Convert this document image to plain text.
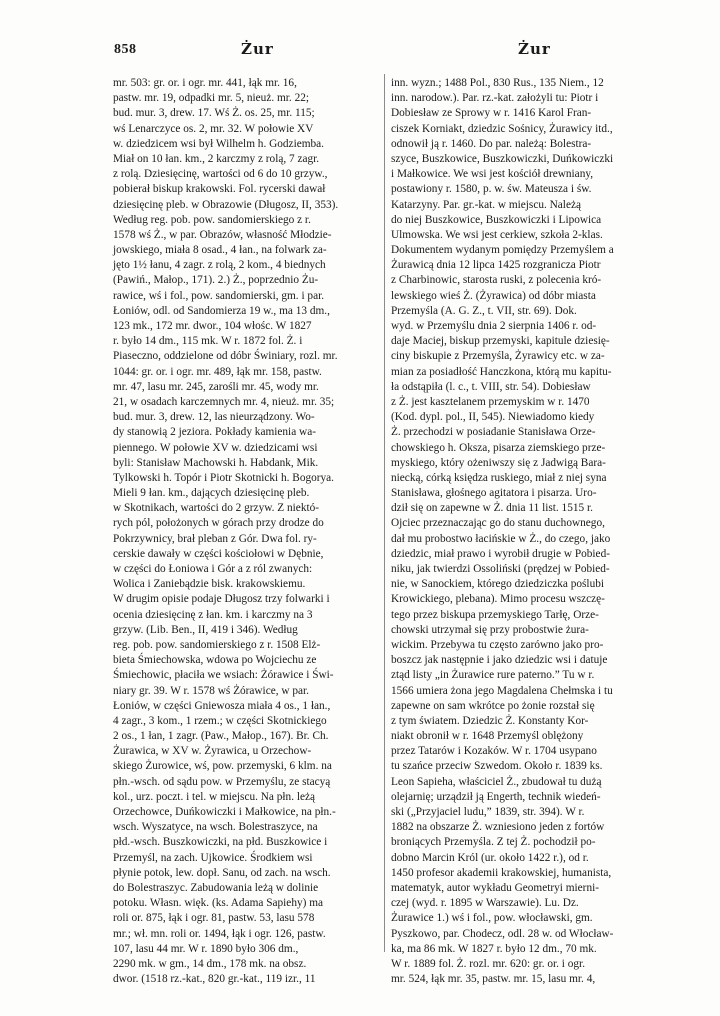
858	Żur	Żur
mr. 503: gr. or. i ogr. mr. 441, łąk mr. 16,
pastw. mr. 19, odpadki mr. 5, nieuż. mr. 22;
bud. mur. 3, drew. 17. Wś Ż. os. 25, mr. 115;
wś Lenarczyce os. 2, mr. 32. W połowie XV
w. dziedzicem wsi był Wilhelm h. Godziemba.
Miał on 10 łan. km., 2 karczmy z rolą, 7 zagr.
z rolą. Dziesięcinę, wartości od 6 do 10 grzyw.,
pobierał biskup krakowski. Fol. rycerski dawał
dziesięcinę pleb. w Obrazowie (Długosz, II, 353).
Według reg. pob. pow. sandomierskiego z r.
1578 wś Ż., w par. Obrazów, własność Młodzie-
jowskiego, miała 8 osad., 4 łan., na folwark za-
jęto 1½ łanu, 4 zagr. z rolą, 2 kom., 4 biednych
(Pawiń., Małop., 171). 2.) Ż., poprzednio Żu-
rawice, wś i fol., pow. sandomierski, gm. i par.
Łoniów, odl. od Sandomierza 19 w., ma 13 dm.,
123 mk., 172 mr. dwor., 104 włośc. W 1827
r. było 14 dm., 115 mk. W r. 1872 fol. Ż. i
Piaseczno, oddzielone od dóbr Świniary, rozl. mr.
1044: gr. or. i ogr. mr. 489, łąk mr. 158, pastw.
mr. 47, lasu mr. 245, zarośli mr. 45, wody mr.
21, w osadach karczemnych mr. 4, nieuż. mr. 35;
bud. mur. 3, drew. 12, las nieurządzony. Wo-
dy stanowią 2 jeziora. Pokłady kamienia wa-
piennego. W połowie XV w. dziedzicami wsi
byli: Stanisław Machowski h. Habdank, Mik.
Tylkowski h. Topór i Piotr Skotnicki h. Bogorya.
Mieli 9 łan. km., dających dziesięcinę pleb.
w Skotnikach, wartości do 2 grzyw. Z niektó-
rych pól, położonych w górach przy drodze do
Pokrzywnicy, brał pleban z Gór. Dwa fol. ry-
cerskie dawały w części kościołowi w Dębnie,
w części do Łoniowa i Gór a z ról zwanych:
Wolica i Zaniebądzie bisk. krakowskiemu.
W drugim opisie podaje Długosz trzy folwarki i
ocenia dziesięcinę z łan. km. i karczmy na 3
grzyw. (Lib. Ben., II, 419 i 346). Według
reg. pob. pow. sandomierskiego z r. 1508 Elż-
bieta Śmiechowska, wdowa po Wojciechu ze
Śmiechowic, płaciła we wsiach: Żórawice i Świ-
niary gr. 39. W r. 1578 wś Żórawice, w par.
Łoniów, w części Gniewosza miała 4 os., 1 łan.,
4 zagr., 3 kom., 1 rzem.; w części Skotnickiego
2 os., 1 łan, 1 zagr. (Paw., Małop., 167). Br. Ch.
Żurawica, w XV w. Żyrawica, u Orzechow-
skiego Żurowice, wś, pow. przemyski, 6 klm. na
płn.-wsch. od sądu pow. w Przemyślu, ze stacyą
kol., urz. poczt. i tel. w miejscu. Na płn. leżą
Orzechowce, Duńkowiczki i Małkowice, na płn.-
wsch. Wyszatyce, na wsch. Bolestraszyce, na
płd.-wsch. Buszkowiczki, na płd. Buszkowice i
Przemyśl, na zach. Ujkowice. Środkiem wsi
płynie potok, lew. dopł. Sanu, od zach. na wsch.
do Bolestraszyc. Zabudowania leżą w dolinie
potoku. Własn. więk. (ks. Adama Sapiehy) ma
roli or. 875, łąk i ogr. 81, pastw. 53, lasu 578
mr.; wł. mn. roli or. 1494, łąk i ogr. 126, pastw.
107, lasu 44 mr. W r. 1890 było 306 dm.,
2290 mk. w gm., 14 dm., 178 mk. na obsz.
dwor. (1518 rz.-kat., 820 gr.-kat., 119 izr., 11
inn. wyzn.; 1488 Pol., 830 Rus., 135 Niem., 12
inn. narodow.). Par. rz.-kat. założyli tu: Piotr i
Dobiesław ze Sprowy w r. 1416 Karol Fran-
ciszek Korniakt, dziedzic Sośnicy, Żurawicy itd.,
odnowił ją r. 1460. Do par. należą: Bolestra-
szyce, Buszkowice, Buszkowiczki, Duńkowiczki
i Małkowice. We wsi jest kościół drewniany,
postawiony r. 1580, p. w. św. Mateusza i św.
Katarzyny. Par. gr.-kat. w miejscu. Należą
do niej Buszkowice, Buszkowiczki i Lipowica
Ulmowska. We wsi jest cerkiew, szkoła 2-klas.
Dokumentem wydanym pomiędzy Przemyślem a
Żurawicą dnia 12 lipca 1425 rozgranicza Piotr
z Charbinowic, starosta ruski, z polecenia kró-
lewskiego wieś Ż. (Żyrawica) od dóbr miasta
Przemyśla (A. G. Z., t. VII, str. 69). Dok.
wyd. w Przemyślu dnia 2 sierpnia 1406 r. od-
daje Maciej, biskup przemyski, kapitule dziesię-
ciny biskupie z Przemyśla, Żyrawicy etc. w za-
mian za posiadłość Hanczkona, którą mu kapitu-
ła odstąpiła (l. c., t. VIII, str. 54). Dobiesław
z Ż. jest kasztelanem przemyskim w r. 1470
(Kod. dypl. pol., II, 545). Niewiadomo kiedy
Ż. przechodzi w posiadanie Stanisława Orze-
chowskiego h. Oksza, pisarza ziemskiego prze-
myskiego, który ożeniwszy się z Jadwigą Bara-
niecką, córką księdza ruskiego, miał z niej syna
Stanisława, głośnego agitatora i pisarza. Uro-
dził się on zapewne w Ż. dnia 11 list. 1515 r.
Ojciec przeznaczając go do stanu duchownego,
dał mu probostwo łacińskie w Ż., do czego, jako
dziedzic, miał prawo i wyrobił drugie w Pobied-
niku, jak twierdzi Ossoliński (prędzej w Pobied-
nie, w Sanockiem, którego dziedziczka poślubi
Krowickiego, plebana). Mimo procesu wszczę-
tego przez biskupa przemyskiego Tarłę, Orze-
chowski utrzymał się przy probostwie żura-
wickim. Przebywa tu często zarówno jako pro-
boszcz jak następnie i jako dziedzic wsi i datuje
ztąd listy „in Żurawice rure paterno.” Tu w r.
1566 umiera żona jego Magdalena Chełmska i tu
zapewne on sam wkrótce po żonie rozstał się
z tym światem. Dziedzic Ż. Konstanty Kor-
niakt obronił w r. 1648 Przemyśl oblężony
przez Tatarów i Kozaków. W r. 1704 usypano
tu szańce przeciw Szwedom. Około r. 1839 ks.
Leon Sapieha, właściciel Ż., zbudował tu dużą
olejarnię; urządził ją Engerth, technik wiedeń-
ski („Przyjaciel ludu,” 1839, str. 394). W r.
1882 na obszarze Ż. wzniesiono jeden z fortów
broniących Przemyśla. Z tej Ż. pochodził po-
dobno Marcin Król (ur. około 1422 r.), od r.
1450 profesor akademii krakowskiej, humanista,
matematyk, autor wykładu Geometryi mierni-
czej (wyd. r. 1895 w Warszawie). Lu. Dz.
Żurawice 1.) wś i fol., pow. włocławski, gm.
Pyszkowo, par. Chodecz, odl. 28 w. od Włocław-
ka, ma 86 mk. W 1827 r. było 12 dm., 70 mk.
W r. 1889 fol. Ż. rozl. mr. 620: gr. or. i ogr.
mr. 524, łąk mr. 35, pastw. mr. 15, lasu mr. 4,
